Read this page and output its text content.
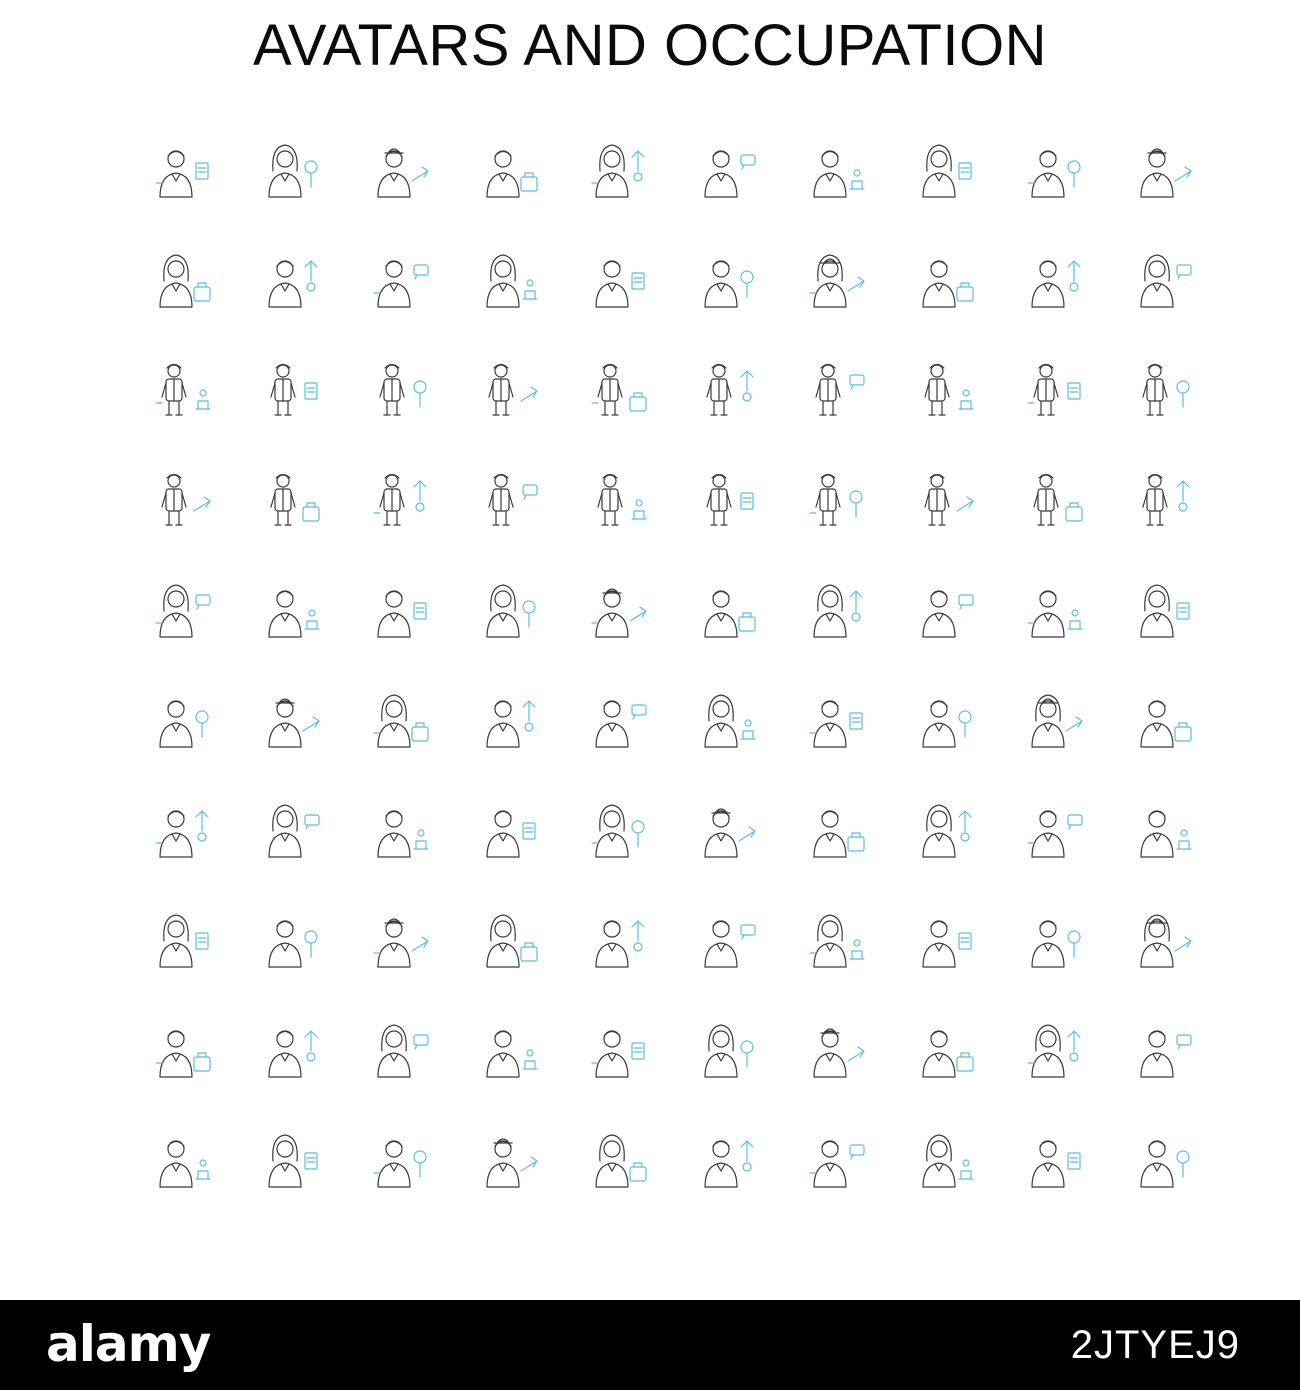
AVATARS AND OCCUPATION
alamy	2JTYEJ9
